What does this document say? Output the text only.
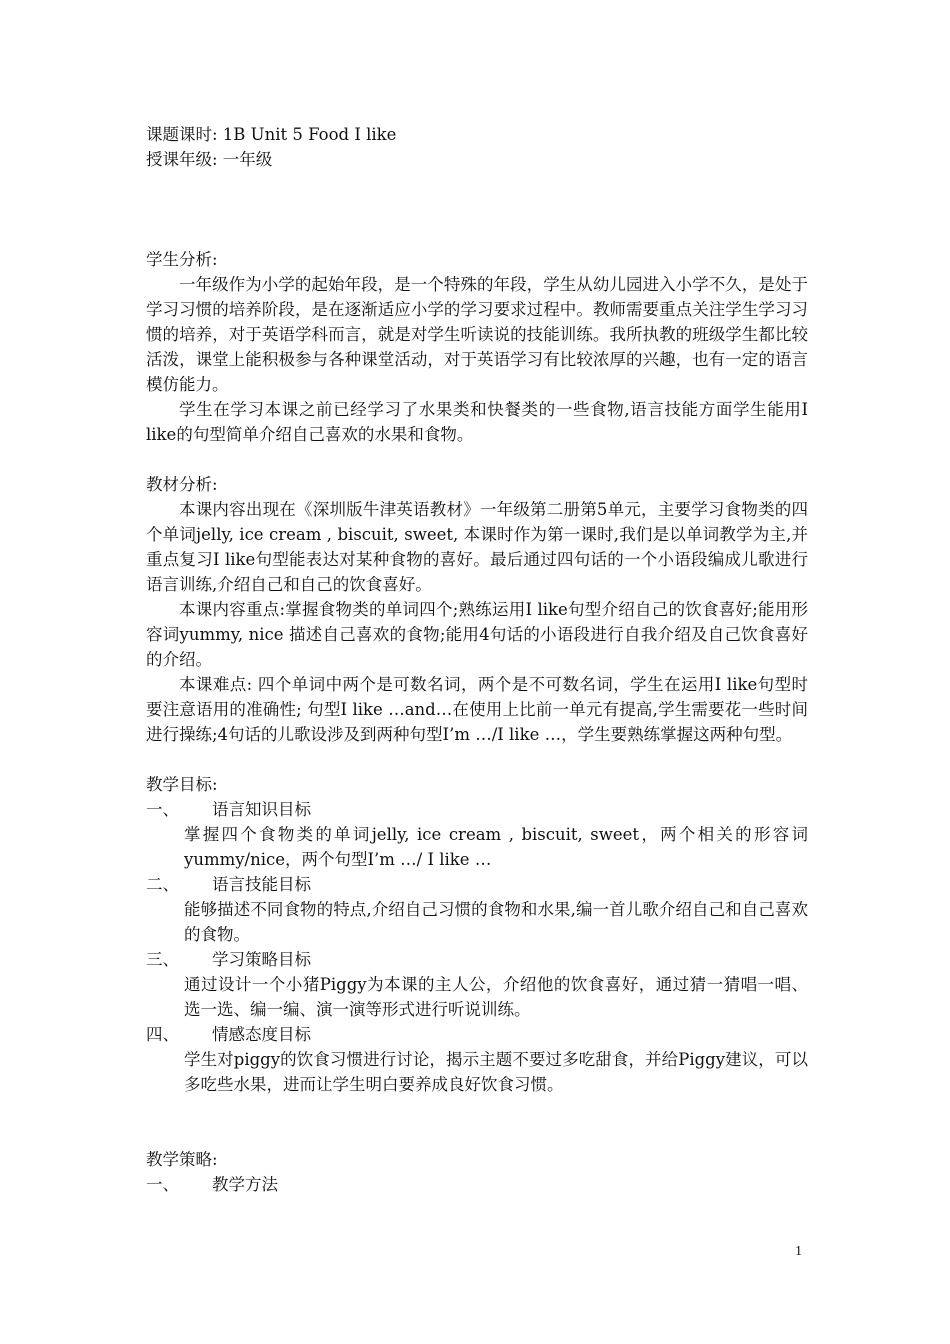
课题课时: 1B Unit 5 Food I like
授课年级: 一年级
学生分析:

一年级作为小学的起始年段，是一个特殊的年段，学生从幼儿园进入小学不久，是处于学习习惯的培养阶段，是在逐渐适应小学的学习要求过程中。教师需要重点关注学生学习习惯的培养，对于英语学科而言，就是对学生听读说的技能训练。我所执教的班级学生都比较活泼，课堂上能积极参与各种课堂活动，对于英语学习有比较浓厚的兴趣，也有一定的语言模仿能力。

学生在学习本课之前已经学习了水果类和快餐类的一些食物,语言技能方面学生能用I like的句型简单介绍自己喜欢的水果和食物。

教材分析:

本课内容出现在《深圳版牛津英语教材》一年级第二册第5单元，主要学习食物类的四个单词jelly, ice cream , biscuit, sweet, 本课时作为第一课时,我们是以单词教学为主,并重点复习I like句型能表达对某种食物的喜好。最后通过四句话的一个小语段编成儿歌进行语言训练,介绍自己和自己的饮食喜好。

本课内容重点:掌握食物类的单词四个;熟练运用I like句型介绍自己的饮食喜好;能用形容词yummy, nice 描述自己喜欢的食物;能用4句话的小语段进行自我介绍及自己饮食喜好的介绍。

本课难点: 四个单词中两个是可数名词，两个是不可数名词，学生在运用I like句型时要注意语用的准确性; 句型I like …and…在使用上比前一单元有提高,学生需要花一些时间进行操练;4句话的儿歌设涉及到两种句型I’m …/I like …，学生要熟练掌握这两种句型。

教学目标:
一、	语言知识目标

掌握四个食物类的单词jelly, ice cream , biscuit, sweet，两个相关的形容词yummy/nice，两个句型I’m …/ I like …

二、	语言技能目标

能够描述不同食物的特点,介绍自己习惯的食物和水果,编一首儿歌介绍自己和自己喜欢的食物。

三、	学习策略目标

通过设计一个小猪Piggy为本课的主人公，介绍他的饮食喜好，通过猜一猜唱一唱、选一选、编一编、演一演等形式进行听说训练。

四、	情感态度目标

学生对piggy的饮食习惯进行讨论，揭示主题不要过多吃甜食，并给Piggy建议，可以多吃些水果，进而让学生明白要养成良好饮食习惯。

教学策略:
一、	教学方法
1
